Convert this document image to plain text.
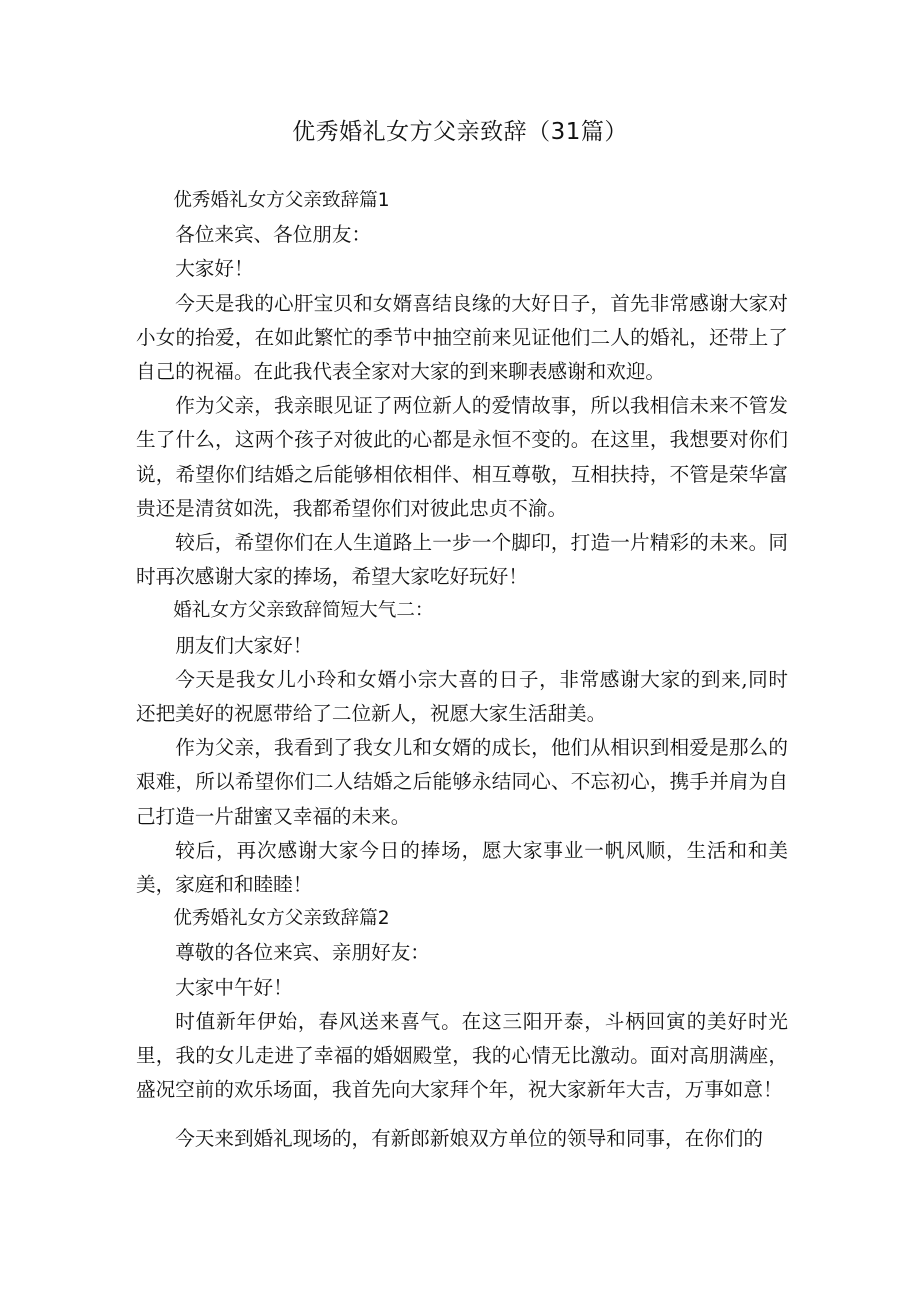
优秀婚礼女方父亲致辞（31篇）

优秀婚礼女方父亲致辞篇1

各位来宾、各位朋友：

大家好！

今天是我的心肝宝贝和女婿喜结良缘的大好日子，首先非常感谢大家对小女的抬爱，在如此繁忙的季节中抽空前来见证他们二人的婚礼，还带上了自己的祝福。在此我代表全家对大家的到来聊表感谢和欢迎。

作为父亲，我亲眼见证了两位新人的爱情故事，所以我相信未来不管发生了什么，这两个孩子对彼此的心都是永恒不变的。在这里，我想要对你们说，希望你们结婚之后能够相依相伴、相互尊敬，互相扶持，不管是荣华富贵还是清贫如洗，我都希望你们对彼此忠贞不渝。

较后，希望你们在人生道路上一步一个脚印，打造一片精彩的未来。同时再次感谢大家的捧场，希望大家吃好玩好！

婚礼女方父亲致辞简短大气二：

朋友们大家好！

今天是我女儿小玲和女婿小宗大喜的日子，非常感谢大家的到来,同时还把美好的祝愿带给了二位新人，祝愿大家生活甜美。

作为父亲，我看到了我女儿和女婿的成长，他们从相识到相爱是那么的艰难，所以希望你们二人结婚之后能够永结同心、不忘初心，携手并肩为自己打造一片甜蜜又幸福的未来。

较后，再次感谢大家今日的捧场，愿大家事业一帆风顺，生活和和美美，家庭和和睦睦！

优秀婚礼女方父亲致辞篇2

尊敬的各位来宾、亲朋好友：

大家中午好！

时值新年伊始，春风送来喜气。在这三阳开泰，斗柄回寅的美好时光里，我的女儿走进了幸福的婚姻殿堂，我的心情无比激动。面对高朋满座，盛况空前的欢乐场面，我首先向大家拜个年，祝大家新年大吉，万事如意！

今天来到婚礼现场的，有新郎新娘双方单位的领导和同事，在你们的
